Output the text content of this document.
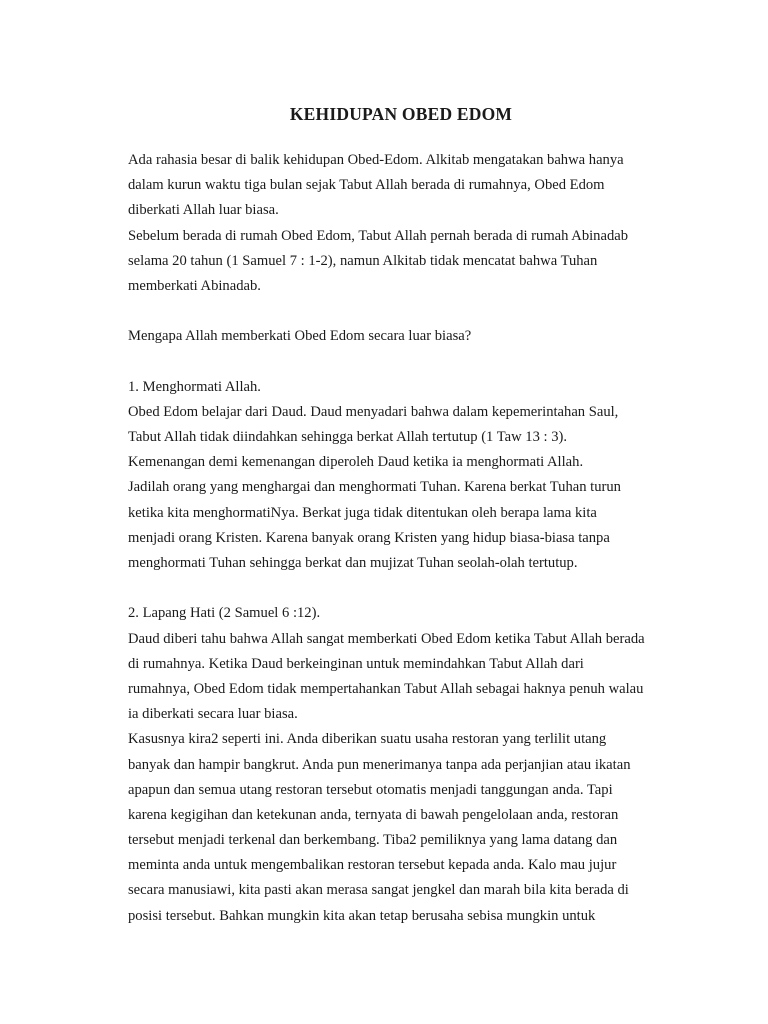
KEHIDUPAN OBED EDOM
Ada rahasia besar di balik kehidupan Obed-Edom. Alkitab mengatakan bahwa hanya
dalam kurun waktu tiga bulan sejak Tabut Allah berada di rumahnya, Obed Edom
diberkati Allah luar biasa.
Sebelum berada di rumah Obed Edom, Tabut Allah pernah berada di rumah Abinadab
selama 20 tahun (1 Samuel 7 : 1-2), namun Alkitab tidak mencatat bahwa Tuhan
memberkati Abinadab.
Mengapa Allah memberkati Obed Edom secara luar biasa?
1. Menghormati Allah.
Obed Edom belajar dari Daud. Daud menyadari bahwa dalam kepemerintahan Saul,
Tabut Allah tidak diindahkan sehingga berkat Allah tertutup (1 Taw 13 : 3).
Kemenangan demi kemenangan diperoleh Daud ketika ia menghormati Allah.
Jadilah orang yang menghargai dan menghormati Tuhan. Karena berkat Tuhan turun
ketika kita menghormatiNya. Berkat juga tidak ditentukan oleh berapa lama kita
menjadi orang Kristen. Karena banyak orang Kristen yang hidup biasa-biasa tanpa
menghormati Tuhan sehingga berkat dan mujizat Tuhan seolah-olah tertutup.
2. Lapang Hati (2 Samuel 6 :12).
Daud diberi tahu bahwa Allah sangat memberkati Obed Edom ketika Tabut Allah berada
di rumahnya. Ketika Daud berkeinginan untuk memindahkan Tabut Allah dari
rumahnya, Obed Edom tidak mempertahankan Tabut Allah sebagai haknya penuh walau
ia diberkati secara luar biasa.
Kasusnya kira2 seperti ini. Anda diberikan suatu usaha restoran yang terlilit utang
banyak dan hampir bangkrut. Anda pun menerimanya tanpa ada perjanjian atau ikatan
apapun dan semua utang restoran tersebut otomatis menjadi tanggungan anda. Tapi
karena kegigihan dan ketekunan anda, ternyata di bawah pengelolaan anda, restoran
tersebut menjadi terkenal dan berkembang. Tiba2 pemiliknya yang lama datang dan
meminta anda untuk mengembalikan restoran tersebut kepada anda. Kalo mau jujur
secara manusiawi, kita pasti akan merasa sangat jengkel dan marah bila kita berada di
posisi tersebut. Bahkan mungkin kita akan tetap berusaha sebisa mungkin untuk
